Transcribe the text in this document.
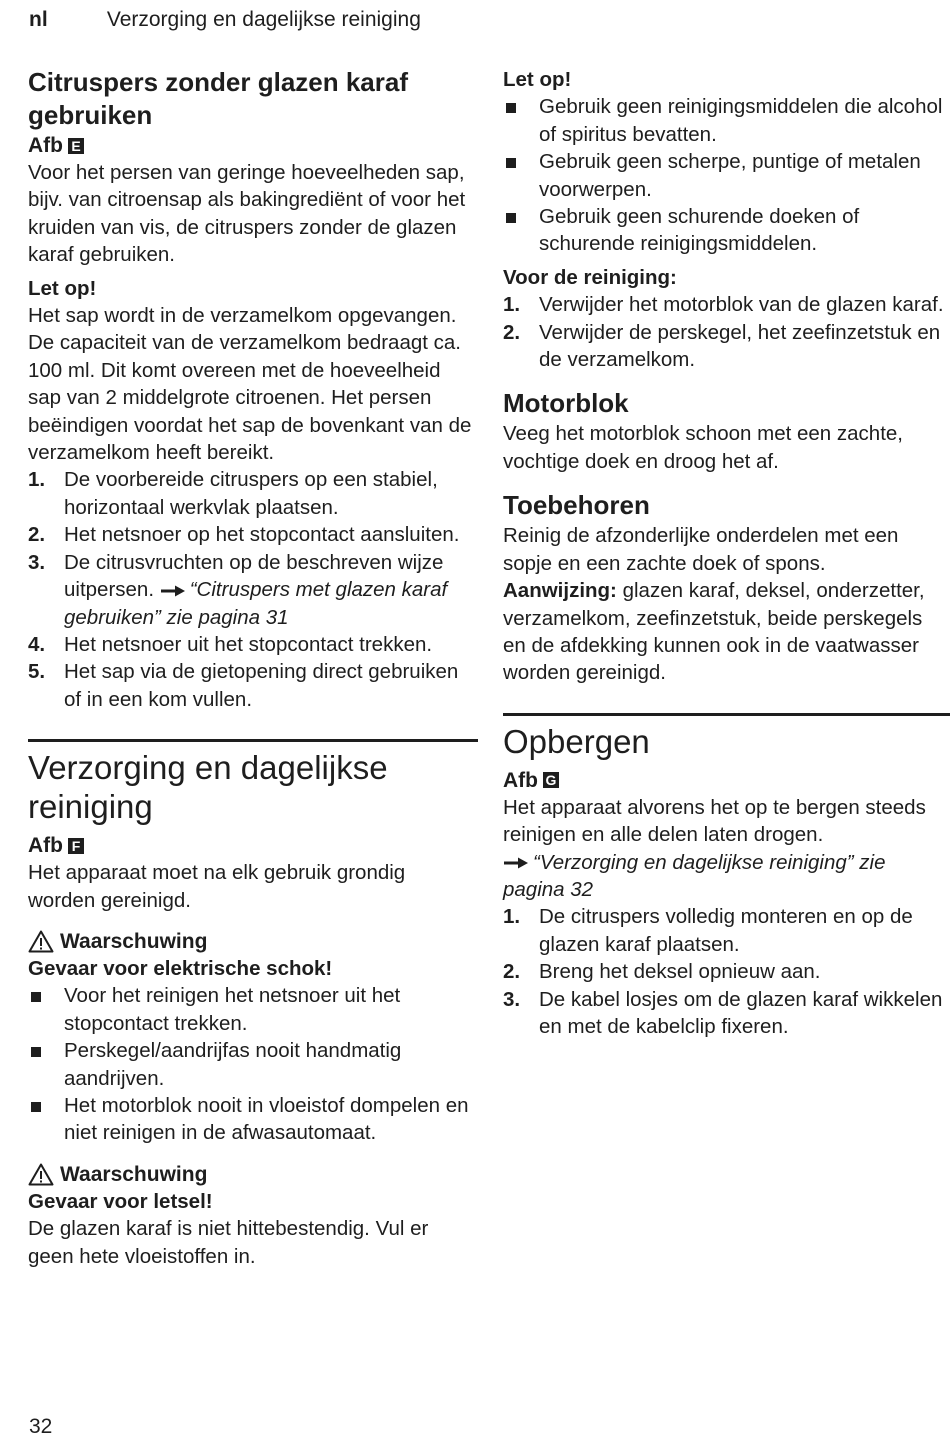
nl	Verzorging en dagelijkse reiniging
Citruspers zonder glazen karaf gebruiken
Afb E

Voor het persen van geringe hoeveelheden sap, bijv. van citroensap als bakingrediënt of voor het kruiden van vis, de citruspers zonder de glazen karaf gebruiken.

Let op!

Het sap wordt in de verzamelkom opgevangen. De capaciteit van de verzamelkom bedraagt ca. 100 ml. Dit komt overeen met de hoeveelheid sap van 2 middelgrote citroenen. Het persen beëindigen voordat het sap de bovenkant van de verzamelkom heeft bereikt.

1. De voorbereide citruspers op een stabiel, horizontaal werkvlak plaatsen.
2. Het netsnoer op het stopcontact aansluiten.
3. De citrusvruchten op de beschreven wijze uitpersen. “Citruspers met glazen karaf gebruiken” zie pagina 31
4. Het netsnoer uit het stopcontact trekken.
5. Het sap via de gietopening direct gebruiken of in een kom vullen.
Verzorging en dagelijkse reiniging
Afb F

Het apparaat moet na elk gebruik grondig worden gereinigd.

Waarschuwing

Gevaar voor elektrische schok!

Voor het reinigen het netsnoer uit het stopcontact trekken.
Perskegel/aandrijfas nooit handmatig aandrijven.
Het motorblok nooit in vloeistof dompelen en niet reinigen in de afwasautomaat.
Waarschuwing

Gevaar voor letsel!

De glazen karaf is niet hittebestendig. Vul er geen hete vloeistoffen in.

Let op!

Gebruik geen reinigingsmiddelen die alcohol of spiritus bevatten.
Gebruik geen scherpe, puntige of metalen voorwerpen.
Gebruik geen schurende doeken of schurende reinigingsmiddelen.

Voor de reiniging:

1. Verwijder het motorblok van de glazen karaf.
2. Verwijder de perskegel, het zeefinzetstuk en de verzamelkom.
Motorblok

Veeg het motorblok schoon met een zachte, vochtige doek en droog het af.

Toebehoren

Reinig de afzonderlijke onderdelen met een sopje en een zachte doek of spons.

Aanwijzing: glazen karaf, deksel, onderzetter, verzamelkom, zeefinzetstuk, beide perskegels en de afdekking kunnen ook in de vaatwasser worden gereinigd.

Opbergen
Afb G

Het apparaat alvorens het op te bergen steeds reinigen en alle delen laten drogen.

“Verzorging en dagelijkse reiniging” zie pagina 32

1. De citruspers volledig monteren en op de glazen karaf plaatsen.
2. Breng het deksel opnieuw aan.
3. De kabel losjes om de glazen karaf wikkelen en met de kabelclip fixeren.
32
